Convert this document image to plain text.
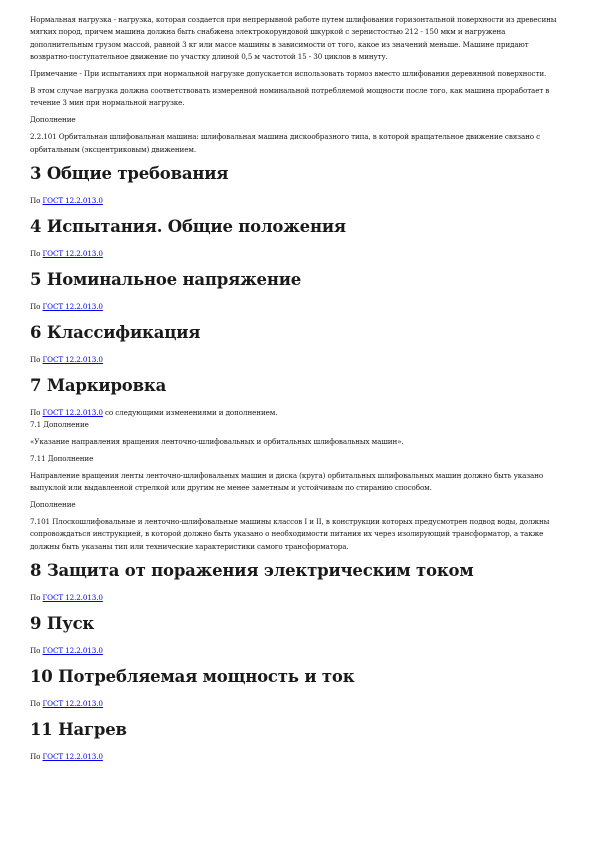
Нормальная нагрузка - нагрузка, которая создается при непрерывной работе путем шлифования горизонтальной поверхности из древесины мягких пород, причем машина должна быть снабжена электрокорундовой шкуркой с зернистостью 212 - 150 мкм и нагружена дополнительным грузом массой, равной 3 кг или массе машины в зависимости от того, какое из значений меньше. Машине придают возвратно-поступательное движение по участку длиной 0,5 м частотой 15 - 30 циклов в минуту.

Примечание - При испытаниях при нормальной нагрузке допускается использовать тормоз вместо шлифования деревянной поверхности.

В этом случае нагрузка должна соответствовать измеренной номинальной потребляемой мощности после того, как машина проработает в течение 3 мин при нормальной нагрузке.

Дополнение

2.2.101 Орбитальная шлифовальная машина: шлифовальная машина дискообразного типа, в которой вращательное движение связано с орбитальным (эксцентриковым) движением.

3 Общие требования

По ГОСТ 12.2.013.0

4 Испытания. Общие положения

По ГОСТ 12.2.013.0

5 Номинальное напряжение

По ГОСТ 12.2.013.0

6 Классификация

По ГОСТ 12.2.013.0

7 Маркировка

По ГОСТ 12.2.013.0 со следующими изменениями и дополнением.

7.1 Дополнение

«Указание направления вращения ленточно-шлифовальных и орбитальных шлифовальных машин».

7.11 Дополнение

Направление вращения ленты ленточно-шлифовальных машин и диска (круга) орбитальных шлифовальных машин должно быть указано выпуклой или выдавленной стрелкой или другим не менее заметным и устойчивым по стиранию способом.

Дополнение

7.101 Плоскошлифовальные и ленточно-шлифовальные машины классов I и II, в конструкции которых предусмотрен подвод воды, должны сопровождаться инструкцией, в которой должно быть указано о необходимости питания их через изолирующий трансформатор, а также должны быть указаны тип или технические характеристики самого трансформатора.

8 Защита от поражения электрическим током

По ГОСТ 12.2.013.0

9 Пуск

По ГОСТ 12.2.013.0

10 Потребляемая мощность и ток

По ГОСТ 12.2.013.0

11 Нагрев

По ГОСТ 12.2.013.0
